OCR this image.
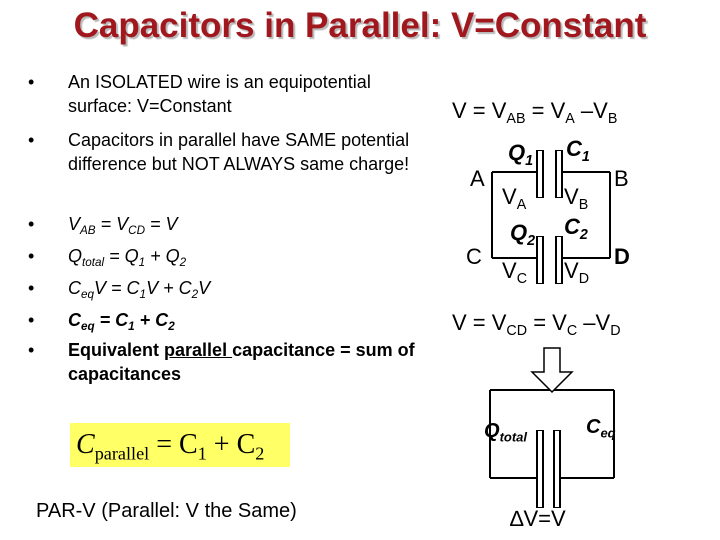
Capacitors in Parallel: V=Constant
• An ISOLATED wire is an equipotential surface: V=Constant
• Capacitors in parallel have SAME potential difference but NOT ALWAYS same charge!
• $V_{AB} = V_{CD} = V$
• $Q_{total} = Q_1 + Q_2$
• $C_{eq}V = C_1V + C_2V$
• $C_{eq} = C_1 + C_2$
• Equivalent parallel capacitance = sum of capacitances
$C_{parallel} = C_1 + C_2$
PAR-V (Parallel: V the Same)
$V = V_{AB} = V_A$ $-V_B$
A	B
C	D
$Q_1$ $C_1$
$Q_2$
$C_2$
$V_A$ $V_B$
$V_C$ $V_D$
$V = V_{CD} = V_C$ $-V_D$
$Q_{total}$	$C_{eq}$
∆V=V
